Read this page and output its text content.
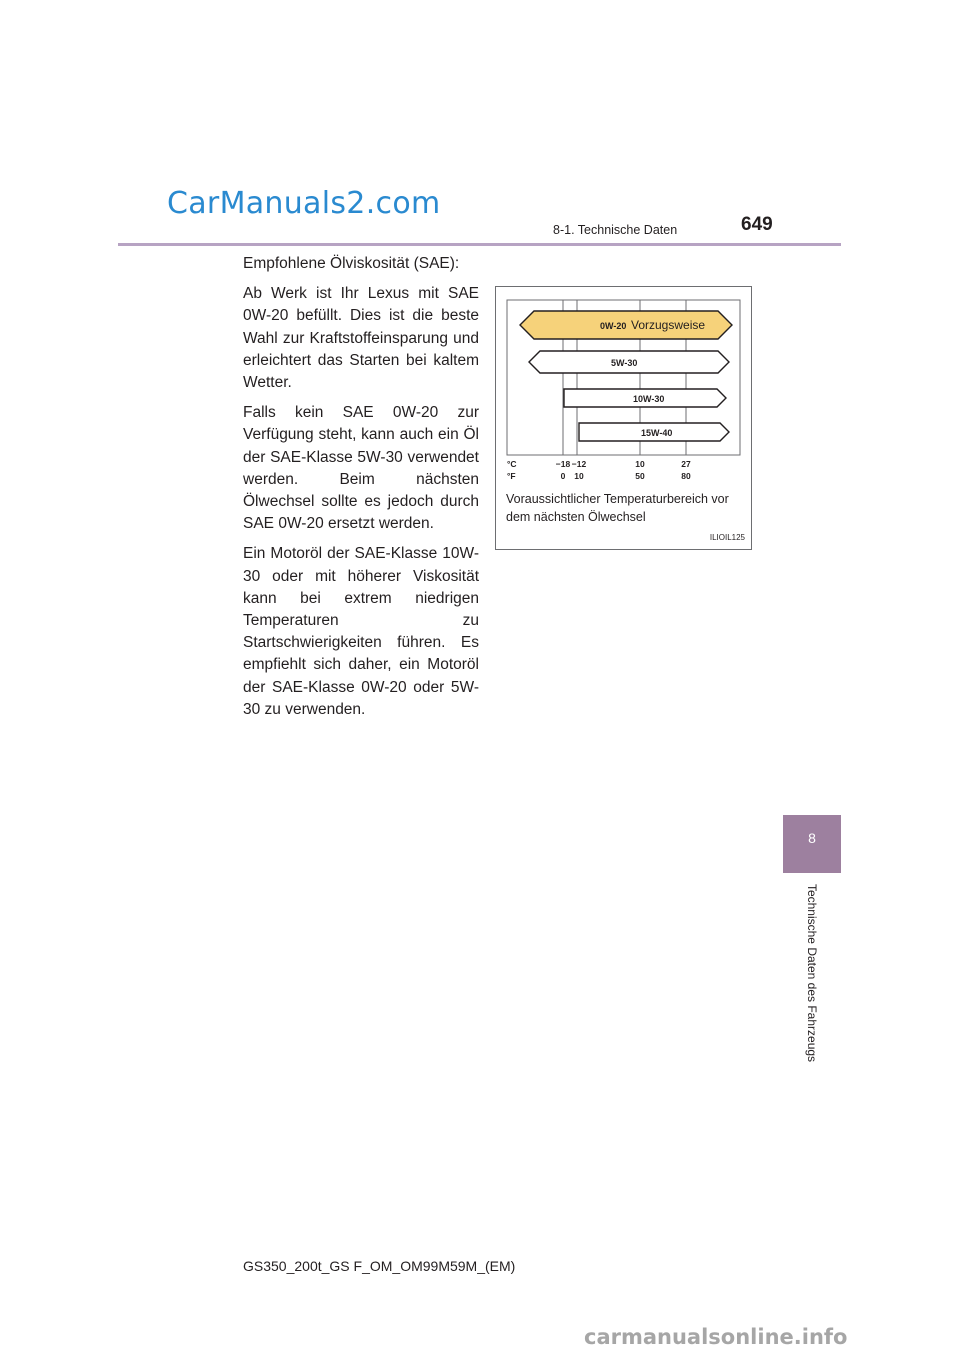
CarManuals2.com
8-1. Technische Daten	649
8
Technische Daten des Fahrzeugs

Empfohlene Ölviskosität (SAE):

Ab Werk ist Ihr Lexus mit SAE 0W-20 befüllt. Dies ist die beste Wahl zur Kraftstoffeinsparung und erleichtert das Starten bei kaltem Wetter.

Falls kein SAE 0W-20 zur Verfügung steht, kann auch ein Öl der SAE-Klasse 5W-30 verwendet werden. Beim nächsten Ölwechsel sollte es jedoch durch SAE 0W-20 ersetzt werden.

Ein Motoröl der SAE-Klasse 10W-30 oder mit höherer Viskosität kann bei extrem niedrigen Temperaturen zu Startschwierigkeiten führen. Es empfiehlt sich daher, ein Motoröl der SAE-Klasse 0W-20 oder 5W-30 zu verwenden.

0W-20 Vorzugsweise
5W-30
10W-30
15W-40
°C
°F
−18 −12	10	27
0 10	50	80
Voraussichtlicher Temperaturbereich vor dem nächsten Ölwechsel
ILIOIL125
GS350_200t_GS F_OM_OM99M59M_(EM)
carmanualsonline.info
